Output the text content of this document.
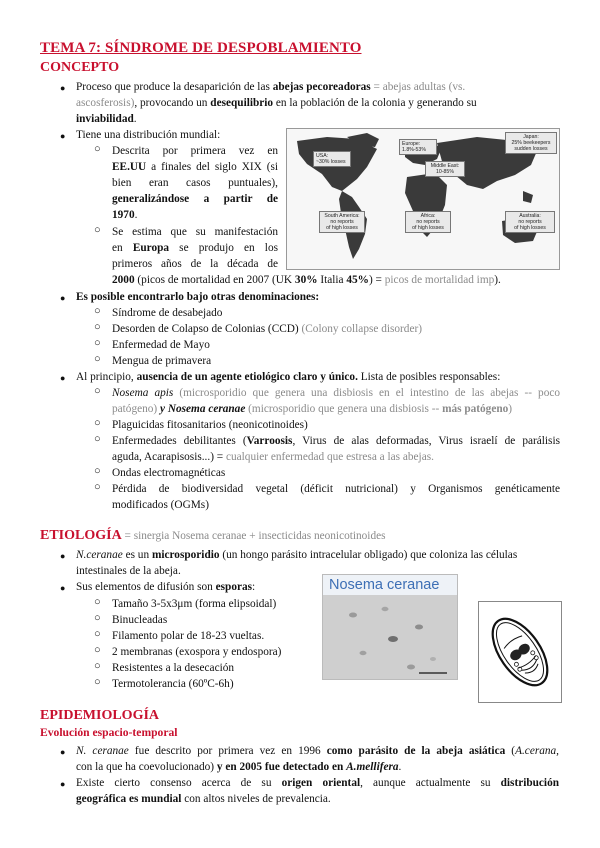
TEMA 7: SÍNDROME DE DESPOBLAMIENTO
CONCEPTO
● Proceso que produce la desaparición de las abejas pecoreadoras = abejas adultas (vs.
ascosferosis), provocando un desequilibrio en la población de la colonia y generando su
inviabilidad.
● Tiene una distribución mundial:
○ Descrita por primera vez en
EE.UU a finales del siglo XIX (si
bien eran casos puntuales),
generalizándose a partir de
1970.
○ Se estima que su manifestación
en Europa se produjo en los
primeros años de la década de
2000 (picos de mortalidad en 2007 (UK 30% Italia 45%) = picos de mortalidad imp).
USA:
~30% losses
Europe:
1.8%-53%
Middle East:
10-85%
Japan:
25% beekeepers
sudden losses
South America:
no reports
of high losses
Africa:
no reports
of high losses
Australia:
no reports
of high losses
● Es posible encontrarlo bajo otras denominaciones:
○ Síndrome de desabejado
○ Desorden de Colapso de Colonias (CCD) (Colony collapse disorder)
○ Enfermedad de Mayo
○ Mengua de primavera
● Al principio, ausencia de un agente etiológico claro y único. Lista de posibles responsables:
○ Nosema apis (microsporidio que genera una disbiosis en el intestino de las abejas -- poco
patógeno) y Nosema ceranae (microsporidio que genera una disbiosis -- más patógeno)
○ Plaguicidas fitosanitarios (neonicotinoides)
○ Enfermedades debilitantes (Varroosis, Virus de alas deformadas, Virus israelí de parálisis
aguda, Acarapisosis...) = cualquier enfermedad que estresa a las abejas.
○ Ondas electromagnéticas
○ Pérdida de biodiversidad vegetal (déficit nutricional) y Organismos genéticamente
modificados (OGMs)
ETIOLOGÍA = sinergia Nosema ceranae + insecticidas neonicotinoides
● N.ceranae es un microsporidio (un hongo parásito intracelular obligado) que coloniza las células
intestinales de la abeja.
● Sus elementos de difusión son esporas:
○ Tamaño 3-5x3μm (forma elipsoidal)
○ Binucleadas
○ Filamento polar de 18-23 vueltas.
○ 2 membranas (exospora y endospora)
○ Resistentes a la desecación
○ Termotolerancia (60ºC-6h)
Nosema ceranae
EPIDEMIOLOGÍA
Evolución espacio-temporal
● N. ceranae fue descrito por primera vez en 1996 como parásito de la abeja asiática (A.cerana,
con la que ha coevolucionado) y en 2005 fue detectado en A.mellifera.
● Existe cierto consenso acerca de su origen oriental, aunque actualmente su distribución
geográfica es mundial con altos niveles de prevalencia.
